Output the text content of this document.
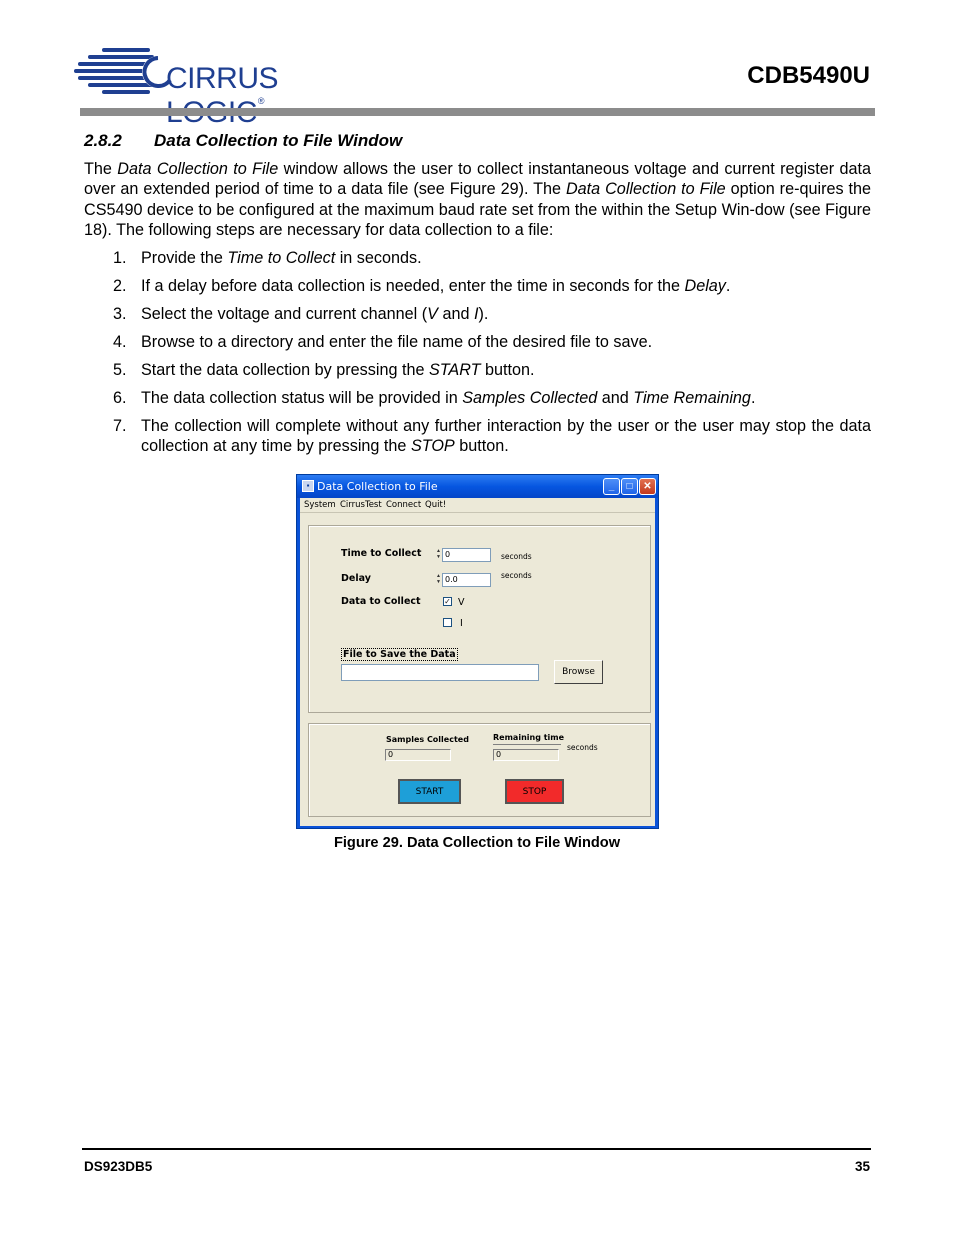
CIRRUS ®
CDB5490U
2.8.2 Data Collection to File Window
The Data Collection to File window allows the user to collect instantaneous voltage and current register data over an extended period of time to a data file (see Figure 29). The Data Collection to File option re-quires the CS5490 device to be configured at the maximum baud rate set from the within the Setup Win-dow (see Figure 18). The following steps are necessary for data collection to a file:
1. Provide the Time to Collect in seconds.
2. If a delay before data collection is needed, enter the time in seconds for the Delay.
3. Select the voltage and current channel (V and I).
4. Browse to a directory and enter the file name of the desired file to save.
5. Start the data collection by pressing the START button.
6. The data collection status will be provided in Samples Collected and Time Remaining.
7. The collection will complete without any further interaction by the user or the user may stop the data collection at any time by pressing the STOP button.
▪ Data Collection to File	_	□	✕
System CirrusTest Connect Quit!
Time to Collect	▲
▼ 0	seconds
Delay	▲
▼ 0.0	seconds
Data to Collect	✓ V
I
File to Save the Data
Browse
Samples Collected
0
Remaining time
0
seconds
START	STOP
Figure 29. Data Collection to File Window
DS923DB5	35
